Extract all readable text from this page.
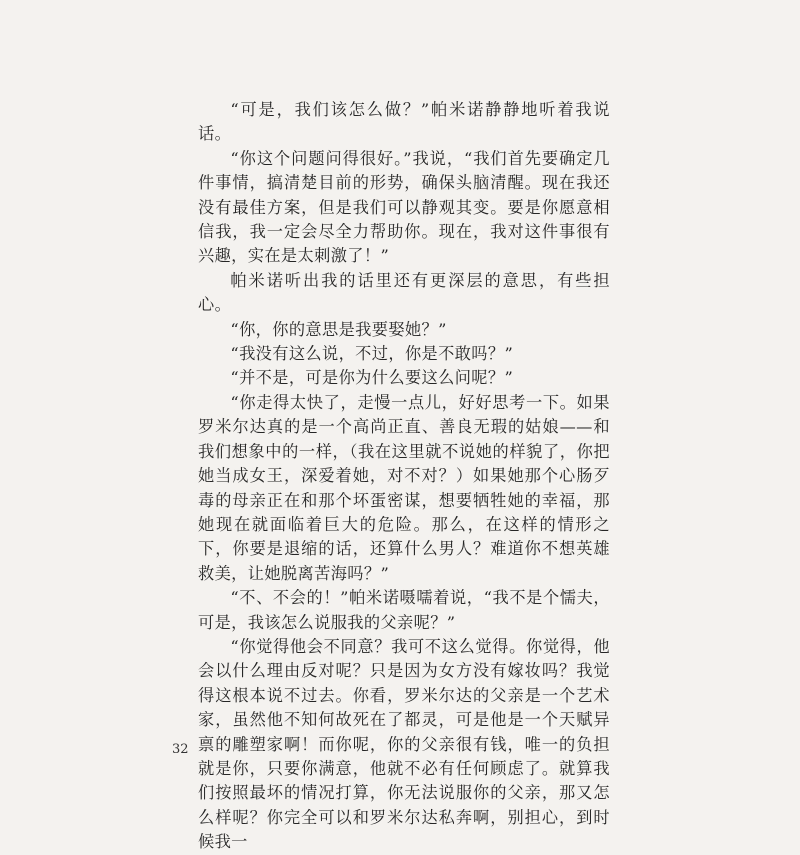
“可是，我们该怎么做？”帕米诺静静地听着我说话。

“你这个问题问得很好。”我说，“我们首先要确定几件事情，搞清楚目前的形势，确保头脑清醒。现在我还没有最佳方案，但是我们可以静观其变。要是你愿意相信我，我一定会尽全力帮助你。现在，我对这件事很有兴趣，实在是太刺激了！”

帕米诺听出我的话里还有更深层的意思，有些担心。

“你，你的意思是我要娶她？”

“我没有这么说，不过，你是不敢吗？”

“并不是，可是你为什么要这么问呢？”

“你走得太快了，走慢一点儿，好好思考一下。如果罗米尔达真的是一个高尚正直、善良无瑕的姑娘——和我们想象中的一样，（我在这里就不说她的样貌了，你把她当成女王，深爱着她，对不对？）如果她那个心肠歹毒的母亲正在和那个坏蛋密谋，想要牺牲她的幸福，那她现在就面临着巨大的危险。那么，在这样的情形之下，你要是退缩的话，还算什么男人？难道你不想英雄救美，让她脱离苦海吗？”

“不、不会的！”帕米诺嗫嚅着说，“我不是个懦夫，可是，我该怎么说服我的父亲呢？”

“你觉得他会不同意？我可不这么觉得。你觉得，他会以什么理由反对呢？只是因为女方没有嫁妆吗？我觉得这根本说不过去。你看，罗米尔达的父亲是一个艺术家，虽然他不知何故死在了都灵，可是他是一个天赋异禀的雕塑家啊！而你呢，你的父亲很有钱，唯一的负担就是你，只要你满意，他就不必有任何顾虑了。就算我们按照最坏的情况打算，你无法说服你的父亲，那又怎么样呢？你完全可以和罗米尔达私奔啊，别担心，到时候我一

32
